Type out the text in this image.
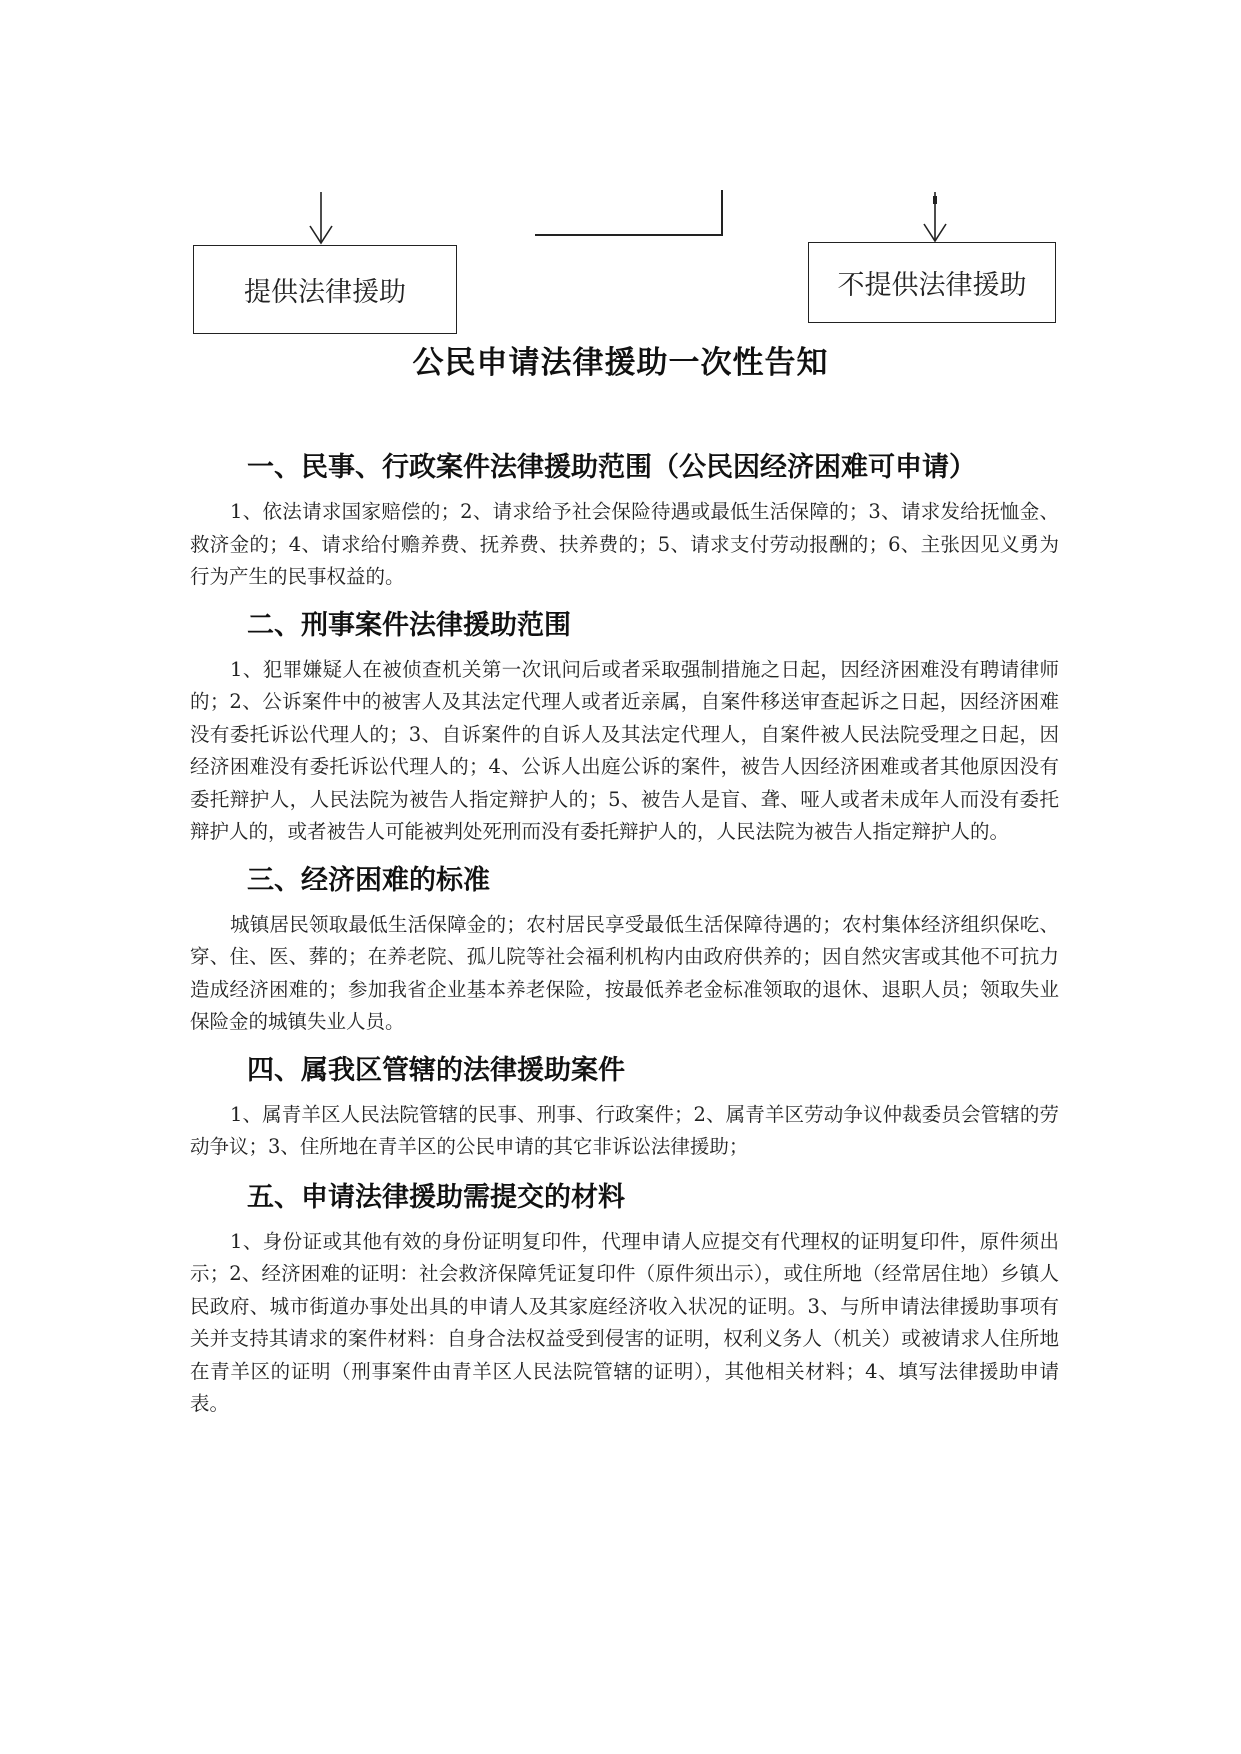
提供法律援助	不提供法律援助
公民申请法律援助一次性告知
一、民事、行政案件法律援助范围（公民因经济困难可申请）

1、依法请求国家赔偿的；2、请求给予社会保险待遇或最低生活保障的；3、请求发给抚恤金、救济金的；4、请求给付赡养费、抚养费、扶养费的；5、请求支付劳动报酬的；6、主张因见义勇为行为产生的民事权益的。

二、刑事案件法律援助范围

1、犯罪嫌疑人在被侦查机关第一次讯问后或者采取强制措施之日起，因经济困难没有聘请律师的；2、公诉案件中的被害人及其法定代理人或者近亲属，自案件移送审查起诉之日起，因经济困难没有委托诉讼代理人的；3、自诉案件的自诉人及其法定代理人，自案件被人民法院受理之日起，因经济困难没有委托诉讼代理人的；4、公诉人出庭公诉的案件，被告人因经济困难或者其他原因没有委托辩护人，人民法院为被告人指定辩护人的；5、被告人是盲、聋、哑人或者未成年人而没有委托辩护人的，或者被告人可能被判处死刑而没有委托辩护人的，人民法院为被告人指定辩护人的。

三、经济困难的标准

城镇居民领取最低生活保障金的；农村居民享受最低生活保障待遇的；农村集体经济组织保吃、穿、住、医、葬的；在养老院、孤儿院等社会福利机构内由政府供养的；因自然灾害或其他不可抗力造成经济困难的；参加我省企业基本养老保险，按最低养老金标准领取的退休、退职人员；领取失业保险金的城镇失业人员。

四、属我区管辖的法律援助案件

1、属青羊区人民法院管辖的民事、刑事、行政案件；2、属青羊区劳动争议仲裁委员会管辖的劳动争议；3、住所地在青羊区的公民申请的其它非诉讼法律援助；

五、申请法律援助需提交的材料

1、身份证或其他有效的身份证明复印件，代理申请人应提交有代理权的证明复印件，原件须出示；2、经济困难的证明：社会救济保障凭证复印件（原件须出示），或住所地（经常居住地）乡镇人民政府、城市街道办事处出具的申请人及其家庭经济收入状况的证明。3、与所申请法律援助事项有关并支持其请求的案件材料：自身合法权益受到侵害的证明，权利义务人（机关）或被请求人住所地在青羊区的证明（刑事案件由青羊区人民法院管辖的证明），其他相关材料；4、填写法律援助申请表。
